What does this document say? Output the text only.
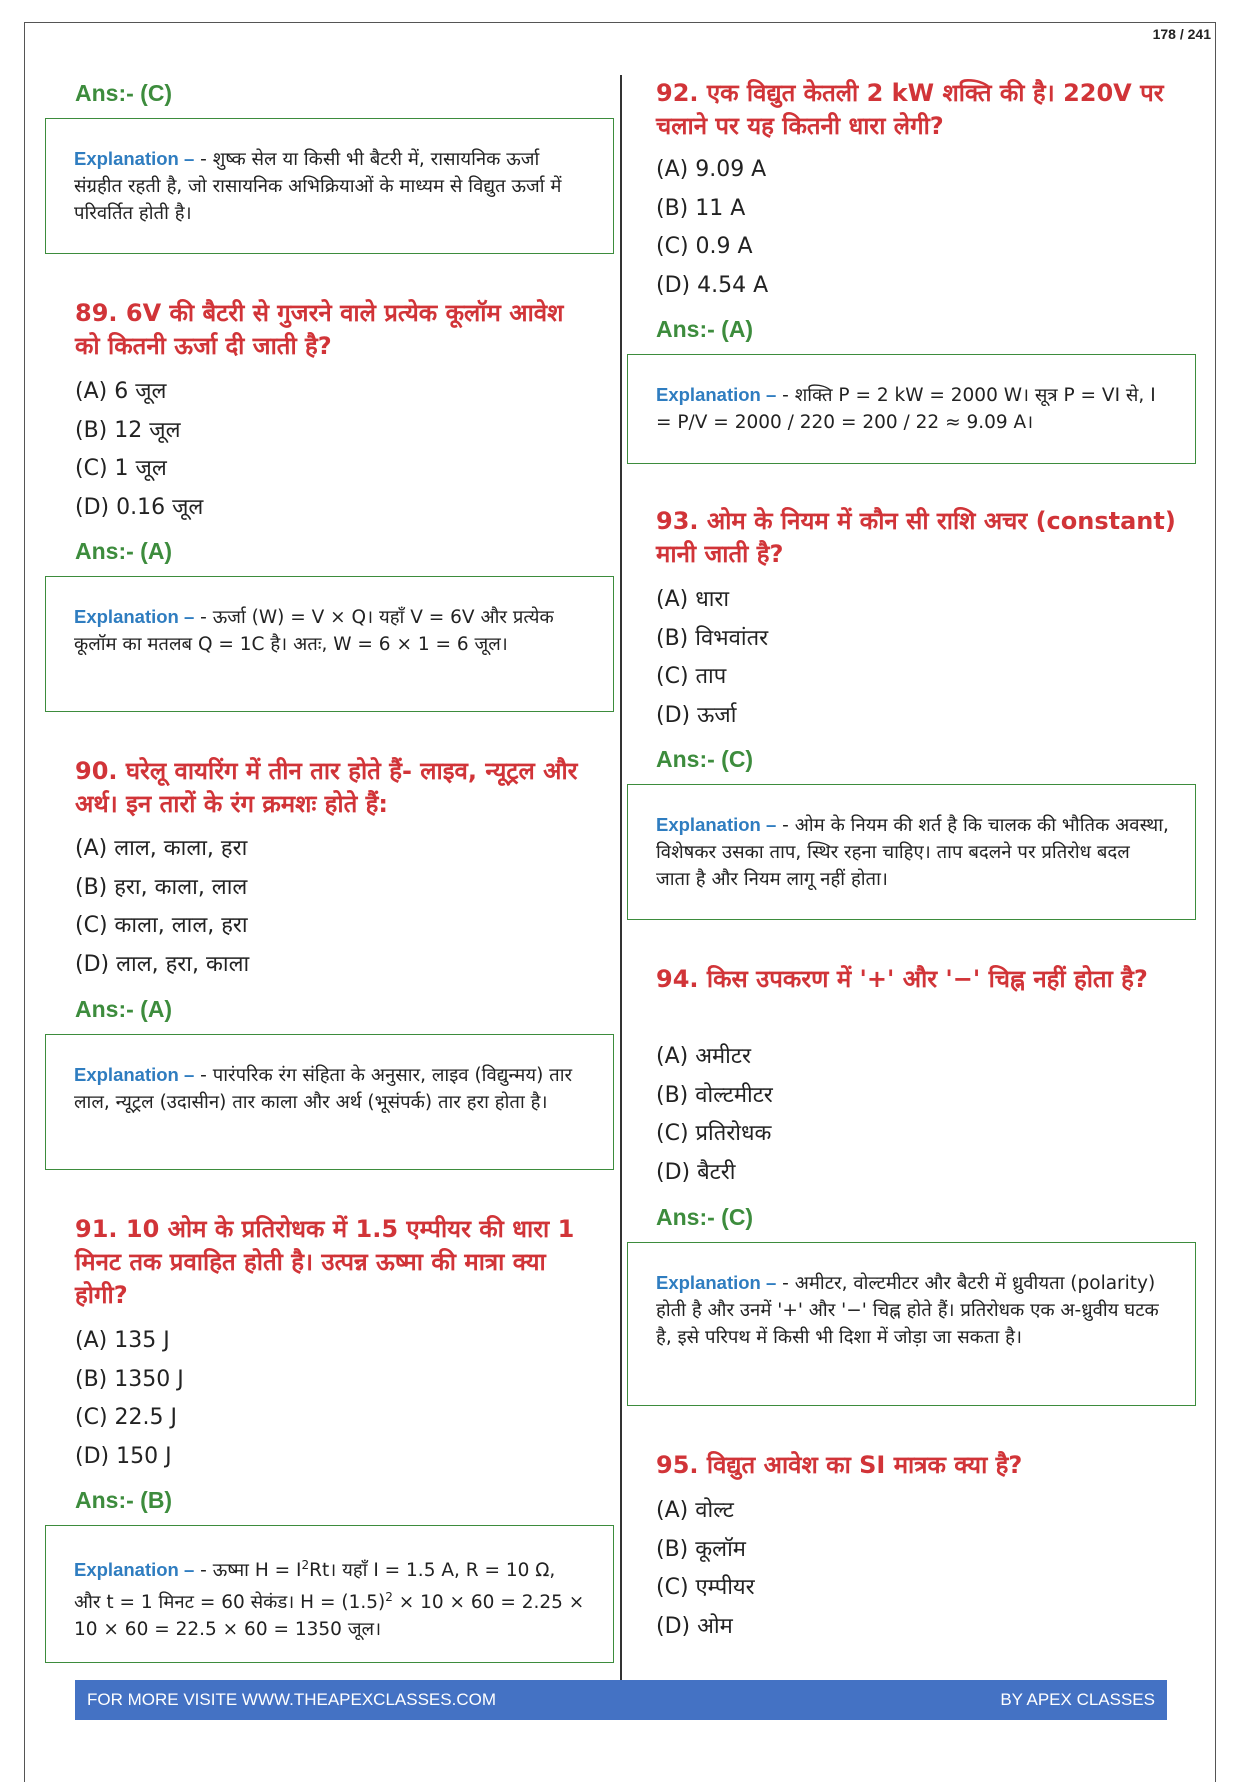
178 / 241
Ans:- (C)
Explanation – - शुष्क सेल या किसी भी बैटरी में, रासायनिक ऊर्जा संग्रहीत रहती है, जो रासायनिक अभिक्रियाओं के माध्यम से विद्युत ऊर्जा में परिवर्तित होती है।
89. 6V की बैटरी से गुजरने वाले प्रत्येक कूलॉम आवेश को कितनी ऊर्जा दी जाती है?
(A) 6 जूल
(B) 12 जूल
(C) 1 जूल
(D) 0.16 जूल
Ans:- (A)
Explanation – - ऊर्जा (W) = V × Q। यहाँ V = 6V और प्रत्येक कूलॉम का मतलब Q = 1C है। अतः, W = 6 × 1 = 6 जूल।
90. घरेलू वायरिंग में तीन तार होते हैं- लाइव, न्यूट्रल और अर्थ। इन तारों के रंग क्रमशः होते हैं:
(A) लाल, काला, हरा
(B) हरा, काला, लाल
(C) काला, लाल, हरा
(D) लाल, हरा, काला
Ans:- (A)
Explanation – - पारंपरिक रंग संहिता के अनुसार, लाइव (विद्युन्मय) तार लाल, न्यूट्रल (उदासीन) तार काला और अर्थ (भूसंपर्क) तार हरा होता है।
91. 10 ओम के प्रतिरोधक में 1.5 एम्पीयर की धारा 1 मिनट तक प्रवाहित होती है। उत्पन्न ऊष्मा की मात्रा क्या होगी?
(A) 135 J
(B) 1350 J
(C) 22.5 J
(D) 150 J
Ans:- (B)
Explanation – - ऊष्मा $H = I^2Rt।$ यहाँ I = 1.5 A, R = 10 Ω, और t = 1 मिनट = 60 सेकंड। $H = (1.5)^2 \times 10 \times 60 = 2.25 \times 10 \times 60 = 22.5 \times 60 = 1350$ जूल।
92. एक विद्युत केतली 2 kW शक्ति की है। 220V पर चलाने पर यह कितनी धारा लेगी?
(A) 9.09 A
(B) 11 A
(C) 0.9 A
(D) 4.54 A
Ans:- (A)
Explanation – - शक्ति P = 2 kW = 2000 W। सूत्र P = VI से, I = P/V = 2000 / 220 = 200 / 22 ≈ 9.09 A।
93. ओम के नियम में कौन सी राशि अचर (constant) मानी जाती है?
(A) धारा
(B) विभवांतर
(C) ताप
(D) ऊर्जा
Ans:- (C)
Explanation – - ओम के नियम की शर्त है कि चालक की भौतिक अवस्था, विशेषकर उसका ताप, स्थिर रहना चाहिए। ताप बदलने पर प्रतिरोध बदल जाता है और नियम लागू नहीं होता।
94. किस उपकरण में '+' और '−' चिह्न नहीं होता है?
(A) अमीटर
(B) वोल्टमीटर
(C) प्रतिरोधक
(D) बैटरी
Ans:- (C)
Explanation – - अमीटर, वोल्टमीटर और बैटरी में ध्रुवीयता (polarity) होती है और उनमें '+' और '−' चिह्न होते हैं। प्रतिरोधक एक अ-ध्रुवीय घटक है, इसे परिपथ में किसी भी दिशा में जोड़ा जा सकता है।
95. विद्युत आवेश का SI मात्रक क्या है?
(A) वोल्ट
(B) कूलॉम
(C) एम्पीयर
(D) ओम
FOR MORE VISITE WWW.THEAPEXCLASSES.COM	BY APEX CLASSES
